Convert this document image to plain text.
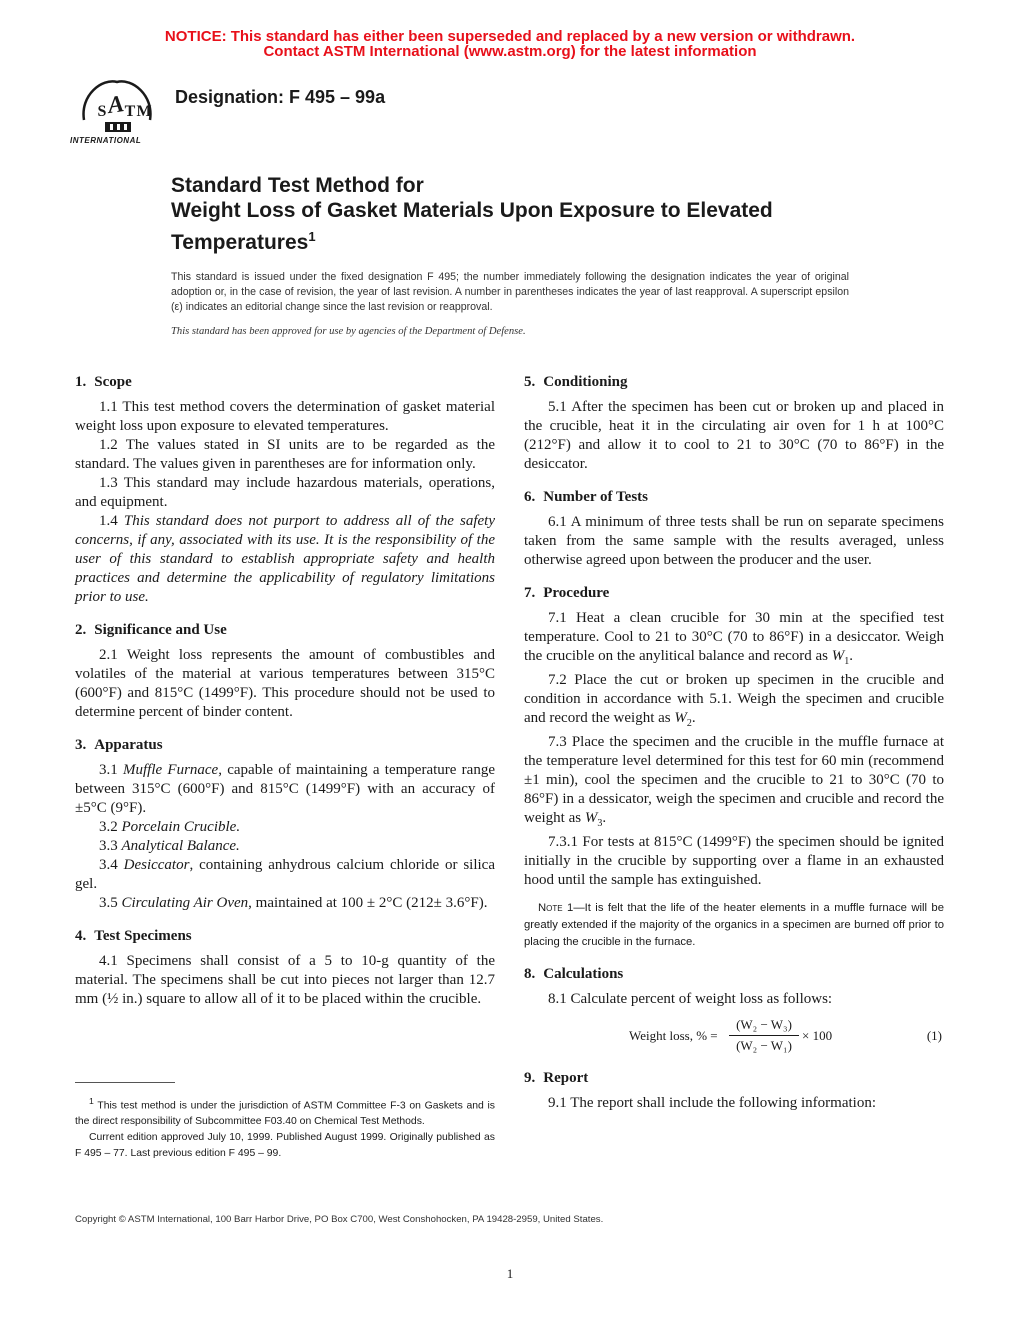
NOTICE: This standard has either been superseded and replaced by a new version or withdrawn.
Contact ASTM International (www.astm.org) for the latest information
A
S T M
INTERNATIONAL
Designation: F 495 – 99a
Standard Test Method for
Weight Loss of Gasket Materials Upon Exposure to Elevated
Temperatures$^1$
This standard is issued under the fixed designation F 495; the number immediately following the designation indicates the year of original adoption or, in the case of revision, the year of last revision. A number in parentheses indicates the year of last reapproval. A superscript epsilon (ε) indicates an editorial change since the last revision or reapproval.
This standard has been approved for use by agencies of the Department of Defense.
1. Scope

1.1 This test method covers the determination of gasket material weight loss upon exposure to elevated temperatures.

1.2 The values stated in SI units are to be regarded as the standard. The values given in parentheses are for information only.

1.3 This standard may include hazardous materials, operations, and equipment.

1.4 This standard does not purport to address all of the safety concerns, if any, associated with its use. It is the responsibility of the user of this standard to establish appropriate safety and health practices and determine the applicability of regulatory limitations prior to use.

2. Significance and Use

2.1 Weight loss represents the amount of combustibles and volatiles of the material at various temperatures between 315°C (600°F) and 815°C (1499°F). This procedure should not be used to determine percent of binder content.

3. Apparatus

3.1 Muffle Furnace, capable of maintaining a temperature range between 315°C (600°F) and 815°C (1499°F) with an accuracy of ±5°C (9°F).

3.2 Porcelain Crucible.

3.3 Analytical Balance.

3.4 Desiccator, containing anhydrous calcium chloride or silica gel.

3.5 Circulating Air Oven, maintained at 100 ± 2°C (212± 3.6°F).

4. Test Specimens

4.1 Specimens shall consist of a 5 to 10-g quantity of the material. The specimens shall be cut into pieces not larger than 12.7 mm (½ in.) square to allow all of it to be placed within the crucible.

$^1$ This test method is under the jurisdiction of ASTM Committee F-3 on Gaskets and is the direct responsibility of Subcommittee F03.40 on Chemical Test Methods.

Current edition approved July 10, 1999. Published August 1999. Originally published as F 495 – 77. Last previous edition F 495 – 99.

5. Conditioning

5.1 After the specimen has been cut or broken up and placed in the crucible, heat it in the circulating air oven for 1 h at 100°C (212°F) and allow it to cool to 21 to 30°C (70 to 86°F) in the desiccator.

6. Number of Tests

6.1 A minimum of three tests shall be run on separate specimens taken from the same sample with the results averaged, unless otherwise agreed upon between the producer and the user.

7. Procedure

7.1 Heat a clean crucible for 30 min at the specified test temperature. Cool to 21 to 30°C (70 to 86°F) in a desiccator. Weigh the crucible on the anylitical balance and record as $W_1$.

7.2 Place the cut or broken up specimen in the crucible and condition in accordance with 5.1. Weigh the specimen and crucible and record the weight as $W_2$.

7.3 Place the specimen and the crucible in the muffle furnace at the temperature level determined for this test for 60 min (recommend ±1 min), cool the specimen and the crucible to 21 to 30°C (70 to 86°F) in a dessicator, weigh the specimen and crucible and record the weight as $W_3$.

7.3.1 For tests at 815°C (1499°F) the specimen should be ignited initially in the crucible by supporting over a flame in an exhausted hood until the sample has extinguished.

Note 1—It is felt that the life of the heater elements in a muffle furnace will be greatly extended if the majority of the organics in a specimen are burned off prior to placing the crucible in the furnace.
8. Calculations

8.1 Calculate percent of weight loss as follows:

Weight loss, % = $\frac{\text{(W₂ − W₃)}}{\text{(W₂ − W₁)}} \times 100$	(1)
9. Report

9.1 The report shall include the following information:

Copyright © ASTM International, 100 Barr Harbor Drive, PO Box C700, West Conshohocken, PA 19428-2959, United States.
1
